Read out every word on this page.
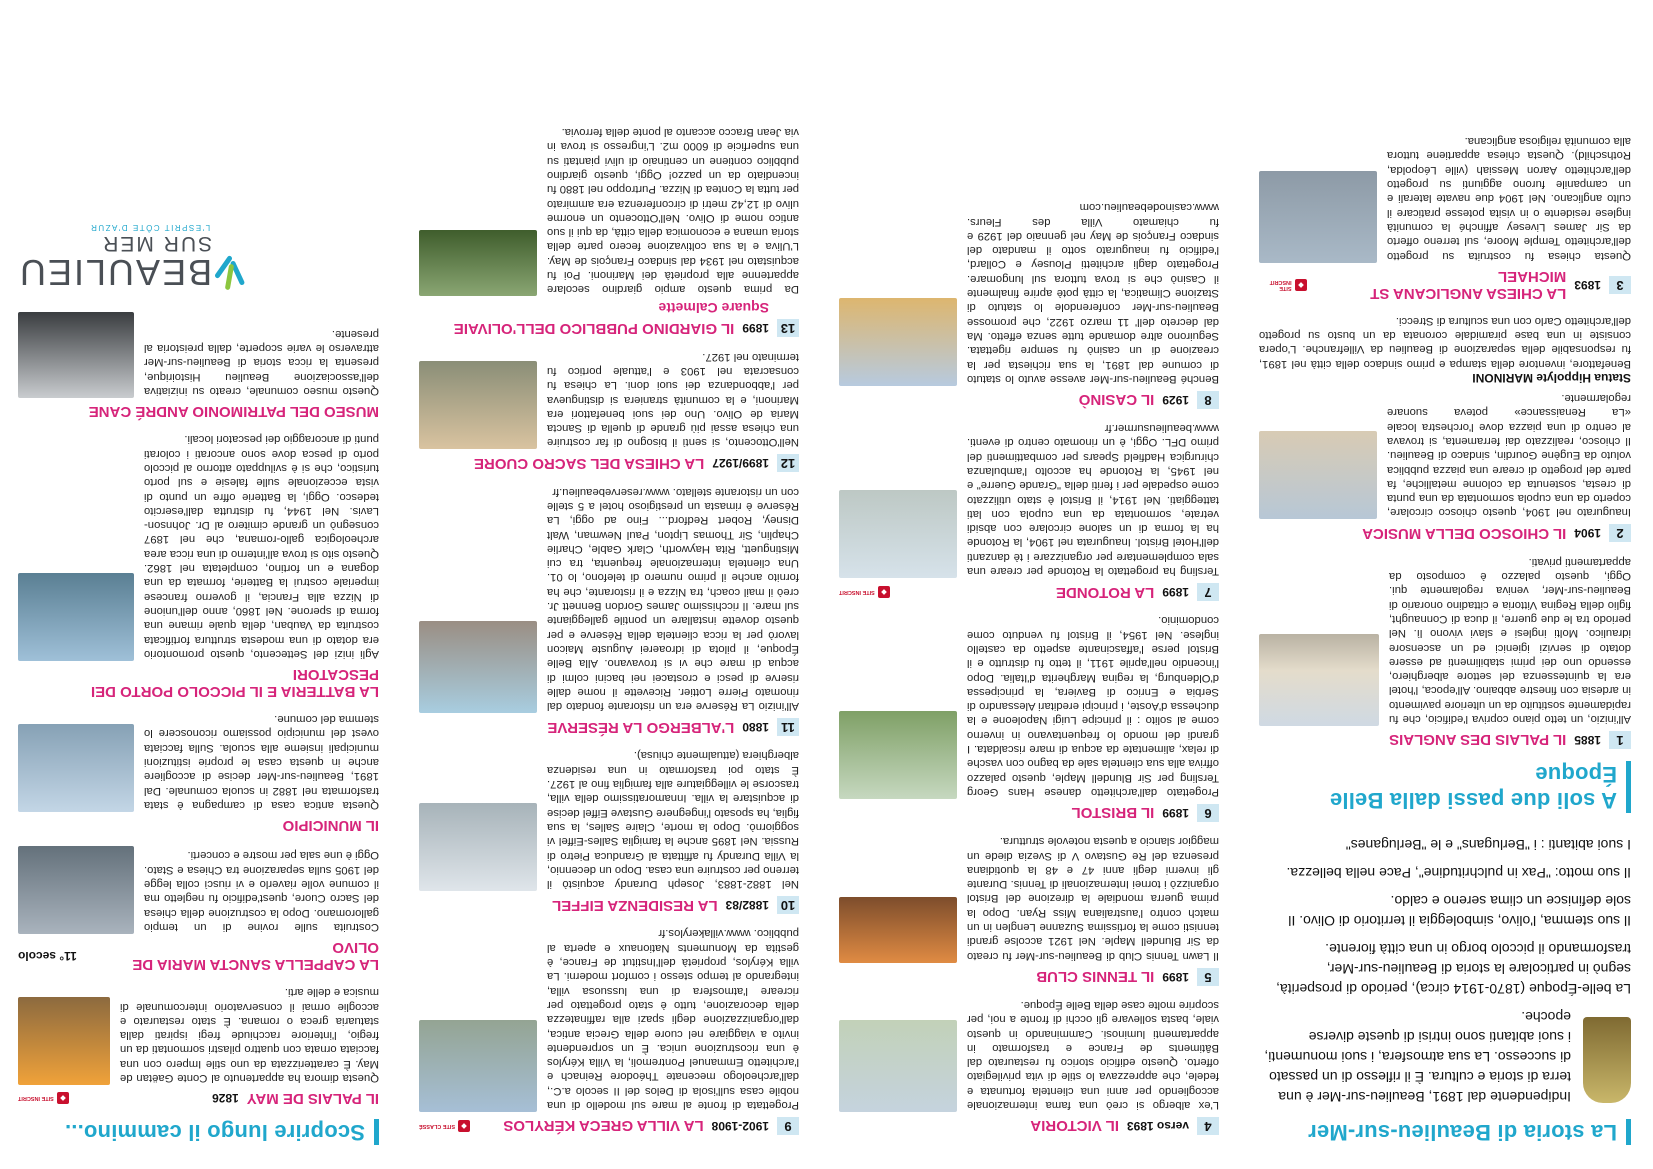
La storia di Beaulieu-sur-Mer
Indipendente dal 1891, Beaulieu-sur-Mer è una terra di storia e cultura. È il riflesso di un passato di successo. La sua atmosfera, i suoi monumenti, i suoi abitanti sono intrisi di queste diverse epoche.
La belle-Époque (1870-1914 circa), periodo di prosperità, segnò in particolare la storia di Beaulieu-sur-Mer, trasformando il piccolo borgo in una città fiorente.
Il suo stemma, l'olivo, simboleggia il territorio di Olivo. Il sole definisce un clima sereno e caldo.
Il suo motto: "Pax in pulchritudine", Pace nella bellezza.
I suoi abitanti : i "Berlugans" e le "Berluganes"
A soli due passi dalla Belle Époque
1
1885
IL PALAIS DES ANGLAIS
All'inizio, un tetto piano copriva l'edificio, che fu rapidamente sostituito da un ulteriore pavimento in ardesia con finestre abbaino. All'epoca, l'hotel era la quintessenza del settore alberghiero, essendo uno dei primi stabilimenti ad essere dotato di servizi igienici ed un ascensore idraulico. Molti inglesi e slavi vivono lì. Nel periodo tra le due guerre, il duca di Connaught, figlio della Regina Vittoria e cittadino onorario di Beaulieu-sur-Mer, veniva regolamente qui. Oggi, questo palazzo è composto da appartamenti privati.
2
1904
IL CHIOSCO DELLA MUSICA
Inaugurato nel 1904, questo chiosco circolare, coperto da una cupola sormontata da una punta di cresta, sostenuta da colonne metalliche, fa parte del progetto di creare una piazza pubblica voluto da Eugène Gourdin, sindaco di Beaulieu. Il chiosco, realizzato dai ferramenta, si trovava al centro di una piazza dove l'orchestra locale «La Renaissance» poteva suonare regolarmente.
Statua Hippolyte MARINONI
Benefattore, inventore della stampa e primo sindaco della città nel 1891, fu responsabile della separazione di Beaulieu da Villefranche. L'opera consiste in una base piramidale coronata da un busto su progetto dell'architetto Carlo con una scultura di Strecci.
3
1893
LA CHIESA ANGLICANA ST MICHAEL
SITE INSCRIT
Questa chiesa fu costruita su progetto dell'architetto Temple Moore, sul terreno offerto da Sir James Livesey affinché la comunità inglese residente o in visita potesse praticare il culto anglicano. Nel 1904 due navate laterali e un campanile furono aggiunti su progetto dell'architetto Aaron Messiah (ville Léopolda, Rothschild). Questa chiesa appartiene tuttora alla comunità religiosa anglicana.
4
verso 1893
IL VICTORIA
L'ex albergo si creò una fama internazionale accogliendo per anni una clientela fortunata e fedele, che apprezzava lo stile di vita privilegiato offerto. Questo edificio storico fu restaurato dal Bâtiments de France e trasformato in appartamenti luminosi. Camminando in questo viale, basta sollevare gli occhi di fronte a noi, per scoprire molte case della Belle Époque.
5
1899
IL TENNIS CLUB
Il Lawn Tennis Club di Beaulieu-sur-Mer fu creato da Sir Blundell Maple. Nel 1921 accolse grandi tennisti come la fortissima Suzanne Lenglen in un match contro l'australiana Miss Ryan. Dopo la prima guerra mondiale la direzione del Bristol organizzò i tornei Internazionali di Tennis. Durante gli inverni degli anni 47 e 48 la quotidiana presenza del Re Gustavo V di Svezia diede un maggior slancio a questa notevole struttura.
6
1899
IL BRISTOL
Progettato dall'architetto danese Hans Georg Tersling per Sir Blundell Maple, questo palazzo offriva alla sua clientela sale da bagno con vasche di relax, alimentate da acqua di mare riscaldata. I grandi del mondo lo frequentavano in inverno come al solito : il principe Luigi Napoleone e la duchessa d'Aoste, i principi ereditari Alessandro di Serbia e Enrico di Baviera, la principessa d'Oldenburg, la regina Margherita d'Italia. Dopo l'incendio nell'aprile 1911, il tetto fu distrutto e il Bristol perse l'affascinante aspetto da castello inglese. Nel 1954, il Bristol fu venduto come condominio.
7
1899
LA ROTONDE
SITE INSCRIT
Tersling ha progettato la Rotonde per creare una sala complementare per organizzare i tè danzanti dell'Hotel Bristol. Inaugurata nel 1904, la Rotonde ha la forma di un salone circolare con absidi vetrate, sormontata da una cupola con lati tatteggiati. Nel 1914, il Bristol è stato utilizzato come ospedale per i feriti della "Grande Guerre" e nel 1945, la Rotonde ha accolto l'ambulanza chirurgica Hadfield Spears per combattimenti del primo DFL. Oggi, è un rinomato centro di eventi. www.beaulieusurmer.fr
8
1929
IL CASINÒ
Benché Beaulieu-sur-Mer avesse avuto lo statuto di comune dal 1891, la sua richiesta per la creazione di un casinò fu sempre rigettata. Seguirono altre domande tutte senza effetto. Ma dal decreto dell' 11 marzo 1922, che promosse Beaulieu-sur-Mer conferendole lo statuto di Stazione Climatica, la città potè aprire finalmente il Casinò che si trova tuttora sul lungomare. Progettato dagli architetti Plousey e Collard, l'edificio fu inaugurato sotto il mandato del sindaco François de May nel gennaio del 1929 e fu chiamato Villa des Fleurs. www.casinodebeaulieu.com
9
1902-1908
LA VILLA GRECA KÉRYLOS
SITE CLASSÉ
Progettata di fronte al mare sul modello di una nobile casa sull'isola di Delos del II secolo a.C., dall'archeologo mecenate Théodore Reinach e l'architetto Emmanuel Pontremoli, la Villa Kérylos è una ricostruzione unica. È un sorprendente invito a viaggiare nel cuore della Grecia antica, dall'organizzazione degli spazi alla raffinatezza della decorazione, tutto è stato progettato per ricreare l'atmosfera di una lussuosa villa, integrando al tempo stesso i comfort moderni. La villa Kérylos, proprietà dell'Institut de France, è gestita da Monuments Nationaux e aperta al pubblico. www.villakerylos.fr
10
1882/83
LA RESIDENZA EIFFEL
Nel 1882-1883, Joseph Durandy acquistò il terreno per costruire una casa. Dopo un decennio, la Villa Durandy fu affittata al Granduca Pietro di Russia. Nel 1895 anche la famiglia Salles-Eiffel vi soggiornò. Dopo la morte, Claire Salles, la sua figlia, ha sposato l'ingegnere Gustave Eiffel decise di acquistare la villa. Innamoratissimo della villa, trascorse le villeggiature alla famiglia fino al 1927. È stato poi trasformato in una residenza alberghiera (attualmente chiusa).
11
1880
L'ALBERGO LA RÉSERVE
All'inizio La Réserve era un ristorante fondato dal rinomato Pierre Lottier. Ricevette il nome dalle riserve di pesci e crostacei nei bacini colmi di acqua di mare che vi si trovavano. Alla Belle Époque, il pilota di idroaerei Auguste Maicon lavorò per la ricca clientela della Réserve e per questo dovette installare un pontile galleggiante sul mare. Il ricchissimo James Gordon Bennett Jr. creò il mail coach, tra Nizza e il ristorante, che ha fornito anche il primo numero di telefono, lo 01. Una clientela internazionale frequenta, tra cui Mistinguett, Rita Hayworth, Clark Gable, Charlie Chaplin, Sir Thomas Lipton, Paul Newman, Walt Disney, Robert Redford... Fino ad oggi, La Réserve è rimasta un prestigioso hotel a 5 stelle con un ristorante stellato. www.reservebeaulieu.fr
12
1899/1927
LA CHIESA DEL SACRO CUORE
Nell'Ottocento, si sentì il bisogno di far costruire una chiesa assai più grande di quella di Sancta Maria de Olivo. Uno dei suoi benefattori era Marinoni, e la comunità straniera si distingueva per l'abbondanza dei suoi doni. La chiesa fu consacrata nel 1903 e l'attuale portico fu terminato nel 1927.
13
1899
IL GIARDINO PUBBLICO DELL'OLIVAIE
Square Calmette
Da prima questo ampio giardino secolare appartenne alla proprietà dei Marinoni. Poi fu acquistato nel 1934 dal sindaco François de May. L'Uliva e la sua coltivazione fecero parte della storia umana e economica della città, da qui il suo antico nome di Olivo. Nell'Ottocento un enorme ulivo di 12,42 metri di circonferenza era ammirato per tutta la Contea di Nizza. Purtroppo nel 1880 fu incendiato da un pazzo! Oggi, questo giardino pubblico contiene un centinaio di ulivi piantati su una superficie di 6000 m2. L'ingresso si trova in via Jean Bracco accanto al ponte della ferrovia.
Scoprire lungo il cammino...
IL PALAIS DE MAY
1826
SITE INSCRIT
Questa dimora ha appartenuto al Conte Gaëtan de May. È caratterizzata da uno stile Impero con una facciata ornata con quattro pilastri sormontati da un fregio, l'interiore racchiude fregi ispirati dalla statuaria greca o romana. È stato restaurato e accoglie ormai il conservatorio intercomunale di musica e delle arti.
LA CAPPELLA SANCTA MARIA DE OLIVO
11° secolo
Costruita sulle rovine di un tempio galloromano. Dopo la costruzione della chiesa del Sacro Cuore, quest'edificio fu negletto ma il comune volle riaverlo e vi riuscì colla legge del 1905 sulla separazione tra Chiesa e Stato. Oggi è une sala per mostre e concerti.
IL MUNICIPIO
Questa antica casa di campagna è stata trasformata nel 1882 in scuola comunale. Dal 1891, Beaulieu-sur-Mer decise di accogliere anche in questa casa le proprie istituzioni municipali insieme alla scuola. Sulla facciata ovest del municipio possiamo riconoscere lo stemma del comune.
LA BATTERIA E IL PICCOLO PORTO DEI PESCATORI
Agli inizi del Settecento, questo promontorio era dotato di una modesta struttura fortificata costruita da Vauban, della quale rimane una forma di sperone. Nel 1860, anno dell'unione di Nizza alla Francia, il governo francese imperiale costruì la Batterie, formata da una dogana e un fortino, completata nel 1862. Questo sito si trova all'interno di una ricca area archeologica gallo-romana, che nel 1897 consegnò un grande cimitero al Dr. Johnson-Lavis. Nel 1944, fu distrutta dall'esercito tedesco. Oggi, la Batterie offre un punto di vista eccezionale sulle falesie e sul porto turistico, che si è sviluppato attorno al piccolo porto di pesca dove sono ancorati i colorati punti di ancoraggio dei pescatori locali.
MUSEO DEL PATRIMONIO ANDRÉ CANE
Questo museo comunale, creato su iniziativa dell'associazione Beaulieu Histoirique, presenta la ricca storia di Beaulieu-sur-Mer attraverso le varie scoperte, dalla preistoria al presente.
BEAULIEU
SUR MER
L'ESPRIT CÔTE D'AZUR
